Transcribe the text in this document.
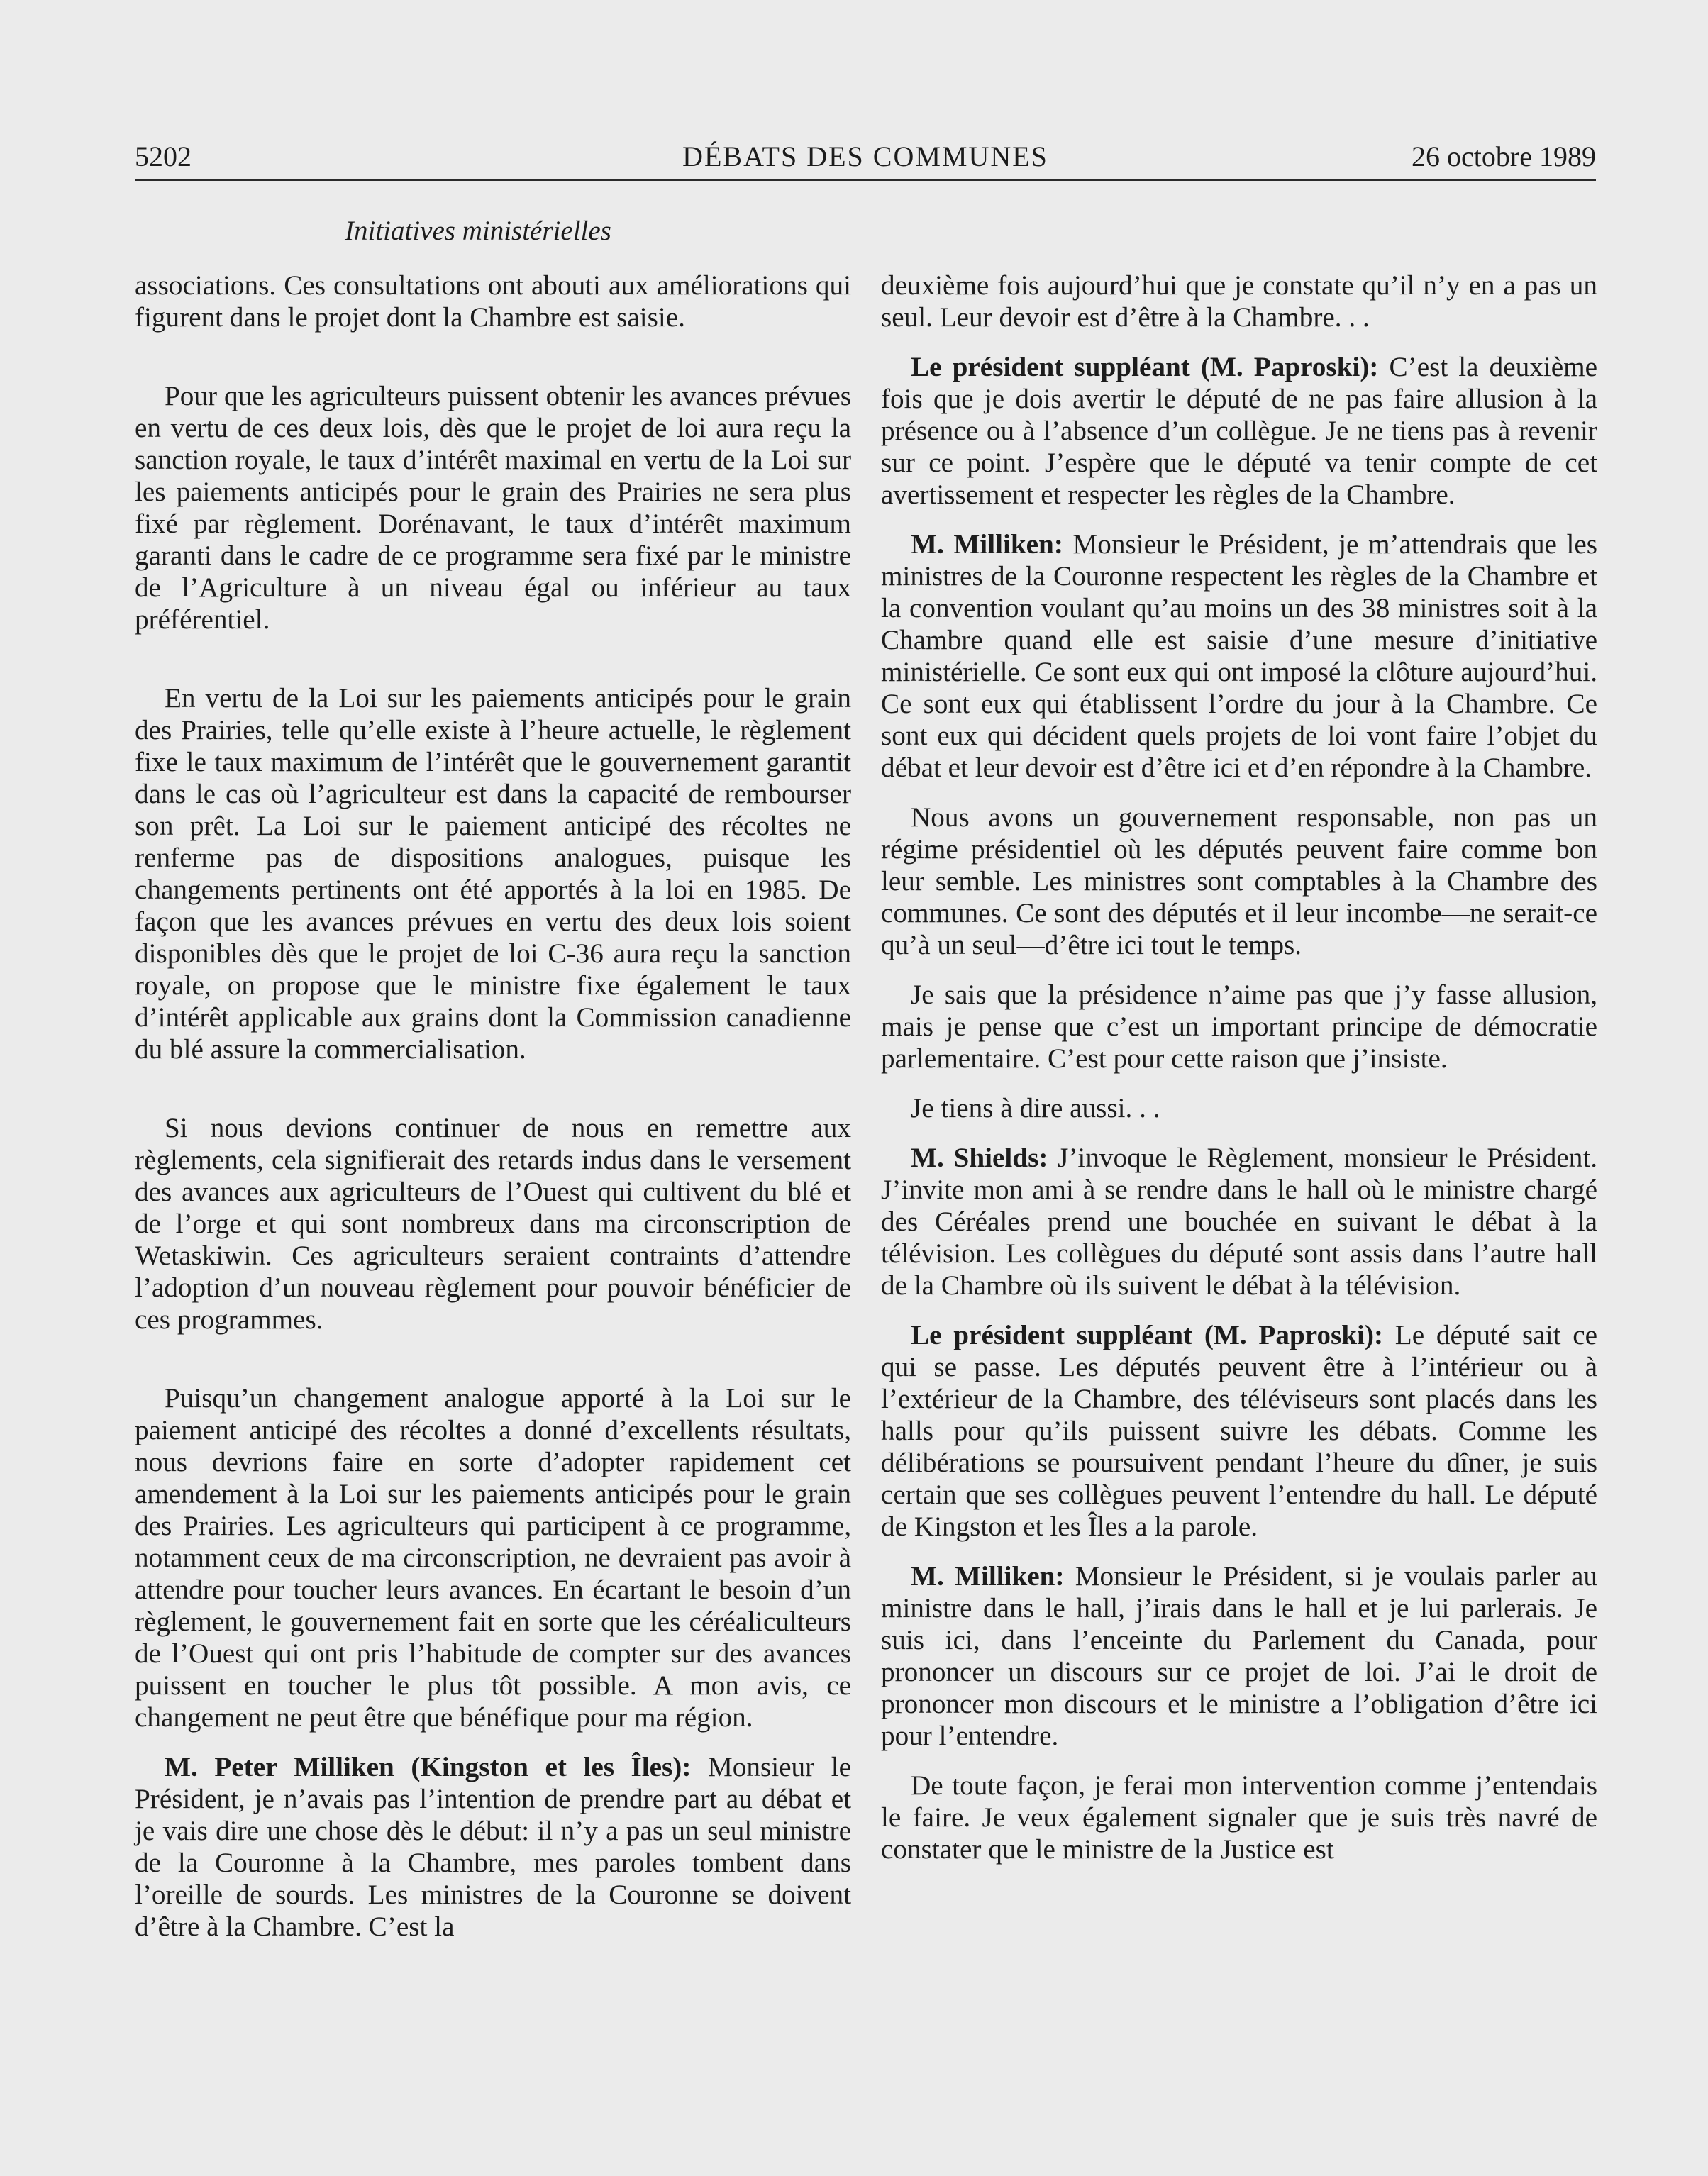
5202	DÉBATS DES COMMUNES	26 octobre 1989
Initiatives ministérielles

associations. Ces consultations ont abouti aux améliorations qui figurent dans le projet dont la Chambre est saisie.

Pour que les agriculteurs puissent obtenir les avances prévues en vertu de ces deux lois, dès que le projet de loi aura reçu la sanction royale, le taux d’intérêt maximal en vertu de la Loi sur les paiements anticipés pour le grain des Prairies ne sera plus fixé par règlement. Dorénavant, le taux d’intérêt maximum garanti dans le cadre de ce programme sera fixé par le ministre de l’Agriculture à un niveau égal ou inférieur au taux préférentiel.

En vertu de la Loi sur les paiements anticipés pour le grain des Prairies, telle qu’elle existe à l’heure actuelle, le règlement fixe le taux maximum de l’intérêt que le gouvernement garantit dans le cas où l’agriculteur est dans la capacité de rembourser son prêt. La Loi sur le paiement anticipé des récoltes ne renferme pas de dispositions analogues, puisque les changements pertinents ont été apportés à la loi en 1985. De façon que les avances prévues en vertu des deux lois soient disponibles dès que le projet de loi C-36 aura reçu la sanction royale, on propose que le ministre fixe également le taux d’intérêt applicable aux grains dont la Commission canadienne du blé assure la commercialisation.

Si nous devions continuer de nous en remettre aux règlements, cela signifierait des retards indus dans le versement des avances aux agriculteurs de l’Ouest qui cultivent du blé et de l’orge et qui sont nombreux dans ma circonscription de Wetaskiwin. Ces agriculteurs seraient contraints d’attendre l’adoption d’un nouveau règlement pour pouvoir bénéficier de ces programmes.

Puisqu’un changement analogue apporté à la Loi sur le paiement anticipé des récoltes a donné d’excellents résultats, nous devrions faire en sorte d’adopter rapidement cet amendement à la Loi sur les paiements anticipés pour le grain des Prairies. Les agriculteurs qui participent à ce programme, notamment ceux de ma circonscription, ne devraient pas avoir à attendre pour toucher leurs avances. En écartant le besoin d’un règlement, le gouvernement fait en sorte que les céréaliculteurs de l’Ouest qui ont pris l’habitude de compter sur des avances puissent en toucher le plus tôt possible. A mon avis, ce changement ne peut être que bénéfique pour ma région.

M. Peter Milliken (Kingston et les Îles): Monsieur le Président, je n’avais pas l’intention de prendre part au débat et je vais dire une chose dès le début: il n’y a pas un seul ministre de la Couronne à la Chambre, mes paroles tombent dans l’oreille de sourds. Les ministres de la Couronne se doivent d’être à la Chambre. C’est la

deuxième fois aujourd’hui que je constate qu’il n’y en a pas un seul. Leur devoir est d’être à la Chambre. . .

Le président suppléant (M. Paproski): C’est la deuxième fois que je dois avertir le député de ne pas faire allusion à la présence ou à l’absence d’un collègue. Je ne tiens pas à revenir sur ce point. J’espère que le député va tenir compte de cet avertissement et respecter les règles de la Chambre.

M. Milliken: Monsieur le Président, je m’attendrais que les ministres de la Couronne respectent les règles de la Chambre et la convention voulant qu’au moins un des 38 ministres soit à la Chambre quand elle est saisie d’une mesure d’initiative ministérielle. Ce sont eux qui ont imposé la clôture aujourd’hui. Ce sont eux qui établissent l’ordre du jour à la Chambre. Ce sont eux qui décident quels projets de loi vont faire l’objet du débat et leur devoir est d’être ici et d’en répondre à la Chambre.

Nous avons un gouvernement responsable, non pas un régime présidentiel où les députés peuvent faire comme bon leur semble. Les ministres sont comptables à la Chambre des communes. Ce sont des députés et il leur incombe—ne serait-ce qu’à un seul—d’être ici tout le temps.

Je sais que la présidence n’aime pas que j’y fasse allusion, mais je pense que c’est un important principe de démocratie parlementaire. C’est pour cette raison que j’insiste.

Je tiens à dire aussi. . .

M. Shields: J’invoque le Règlement, monsieur le Président. J’invite mon ami à se rendre dans le hall où le ministre chargé des Céréales prend une bouchée en suivant le débat à la télévision. Les collègues du député sont assis dans l’autre hall de la Chambre où ils suivent le débat à la télévision.

Le président suppléant (M. Paproski): Le député sait ce qui se passe. Les députés peuvent être à l’intérieur ou à l’extérieur de la Chambre, des téléviseurs sont placés dans les halls pour qu’ils puissent suivre les débats. Comme les délibérations se poursuivent pendant l’heure du dîner, je suis certain que ses collègues peuvent l’entendre du hall. Le député de Kingston et les Îles a la parole.

M. Milliken: Monsieur le Président, si je voulais parler au ministre dans le hall, j’irais dans le hall et je lui parlerais. Je suis ici, dans l’enceinte du Parlement du Canada, pour prononcer un discours sur ce projet de loi. J’ai le droit de prononcer mon discours et le ministre a l’obligation d’être ici pour l’entendre.

De toute façon, je ferai mon intervention comme j’entendais le faire. Je veux également signaler que je suis très navré de constater que le ministre de la Justice est
